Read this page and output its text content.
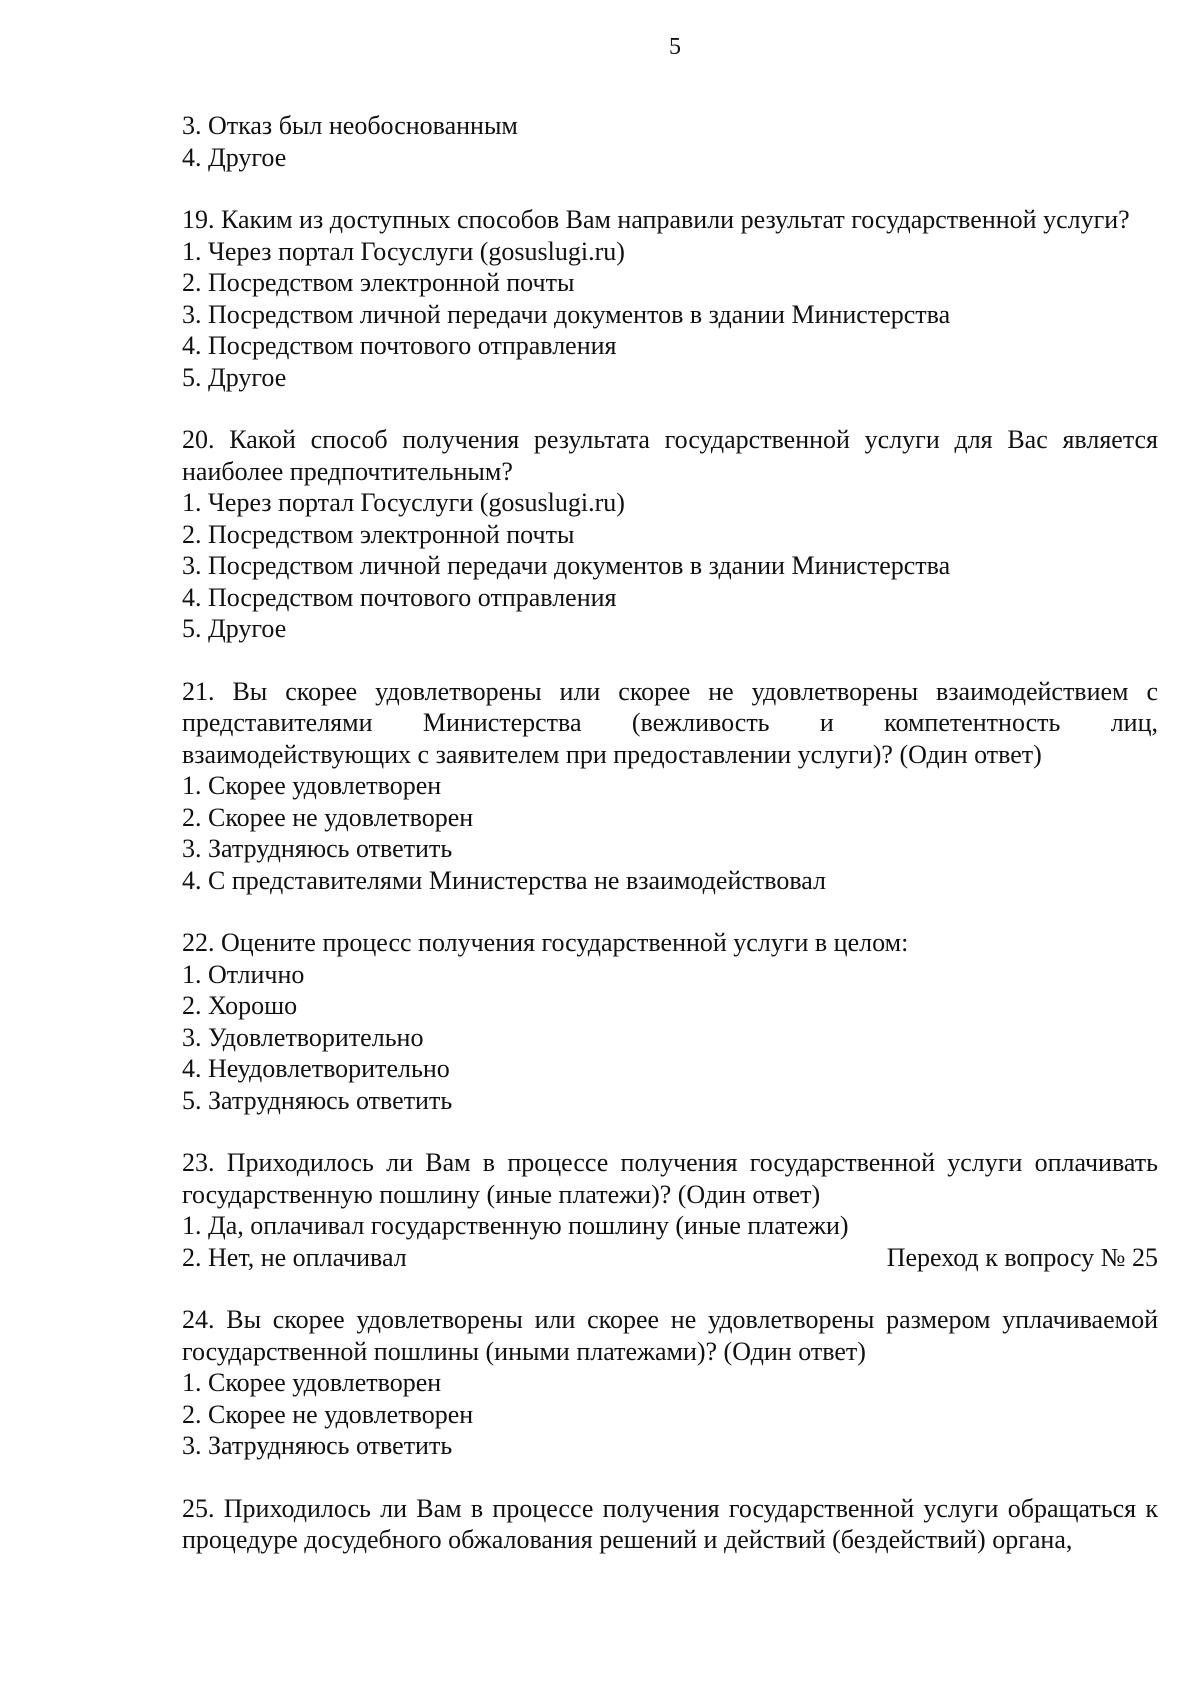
5
3. Отказ был необоснованным
4. Другое
19. Каким из доступных способов Вам направили результат государственной услуги?
1. Через портал Госуслуги (gosuslugi.ru)
2. Посредством электронной почты
3. Посредством личной передачи документов в здании Министерства
4. Посредством почтового отправления
5. Другое
20. Какой способ получения результата государственной услуги для Вас является наиболее предпочтительным?
1. Через портал Госуслуги (gosuslugi.ru)
2. Посредством электронной почты
3. Посредством личной передачи документов в здании Министерства
4. Посредством почтового отправления
5. Другое
21. Вы скорее удовлетворены или скорее не удовлетворены взаимодействием с представителями Министерства (вежливость и компетентность лиц, взаимодействующих с заявителем при предоставлении услуги)? (Один ответ)
1. Скорее удовлетворен
2. Скорее не удовлетворен
3. Затрудняюсь ответить
4. С представителями Министерства не взаимодействовал
22. Оцените процесс получения государственной услуги в целом:
1. Отлично
2. Хорошо
3. Удовлетворительно
4. Неудовлетворительно
5. Затрудняюсь ответить
23. Приходилось ли Вам в процессе получения государственной услуги оплачивать государственную пошлину (иные платежи)? (Один ответ)
1. Да, оплачивал государственную пошлину (иные платежи)
2. Нет, не оплачивал	Переход к вопросу № 25
24. Вы скорее удовлетворены или скорее не удовлетворены размером уплачиваемой государственной пошлины (иными платежами)? (Один ответ)
1. Скорее удовлетворен
2. Скорее не удовлетворен
3. Затрудняюсь ответить
25. Приходилось ли Вам в процессе получения государственной услуги обращаться к процедуре досудебного обжалования решений и действий (бездействий) органа,
